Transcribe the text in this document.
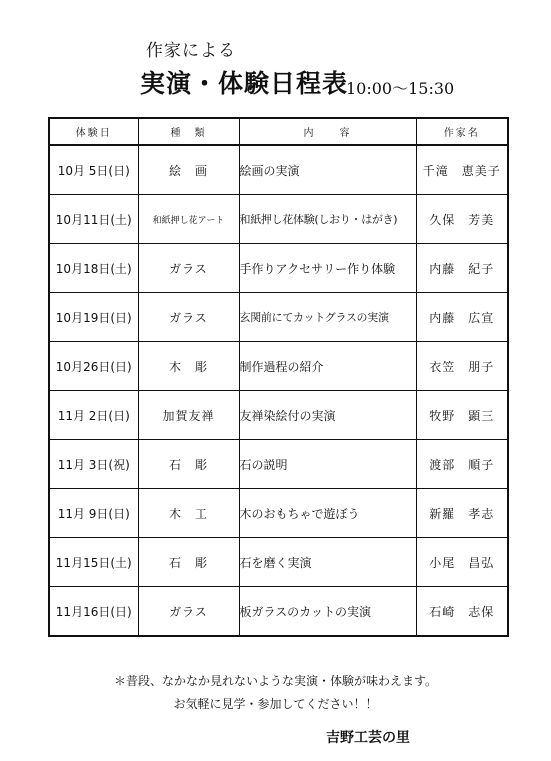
作家による
実演・体験日程表
10:00～15:30
体験日	種　類	内　　容	作家名
10月 5日(日)	絵　画	絵画の実演	千滝　恵美子
10月11日(土)	和紙押し花アート	和紙押し花体験(しおり・はがき)	久保　芳美
10月18日(土)	ガラス	手作りアクセサリー作り体験	内藤　紀子
10月19日(日)	ガラス	玄関前にてカットグラスの実演	内藤　広宣
10月26日(日)	木　彫	制作過程の紹介	衣笠　朋子
11月 2日(日)	加賀友禅	友禅染絵付の実演	牧野　顕三
11月 3日(祝)	石　彫	石の説明	渡部　順子
11月 9日(日)	木　工	木のおもちゃで遊ぼう	新羅　孝志
11月15日(土)	石　彫	石を磨く実演	小尾　昌弘
11月16日(日)	ガラス	板ガラスのカットの実演	石崎　志保
＊普段、なかなか見れないような実演・体験が味わえます。
お気軽に見学・参加してください！！
吉野工芸の里
